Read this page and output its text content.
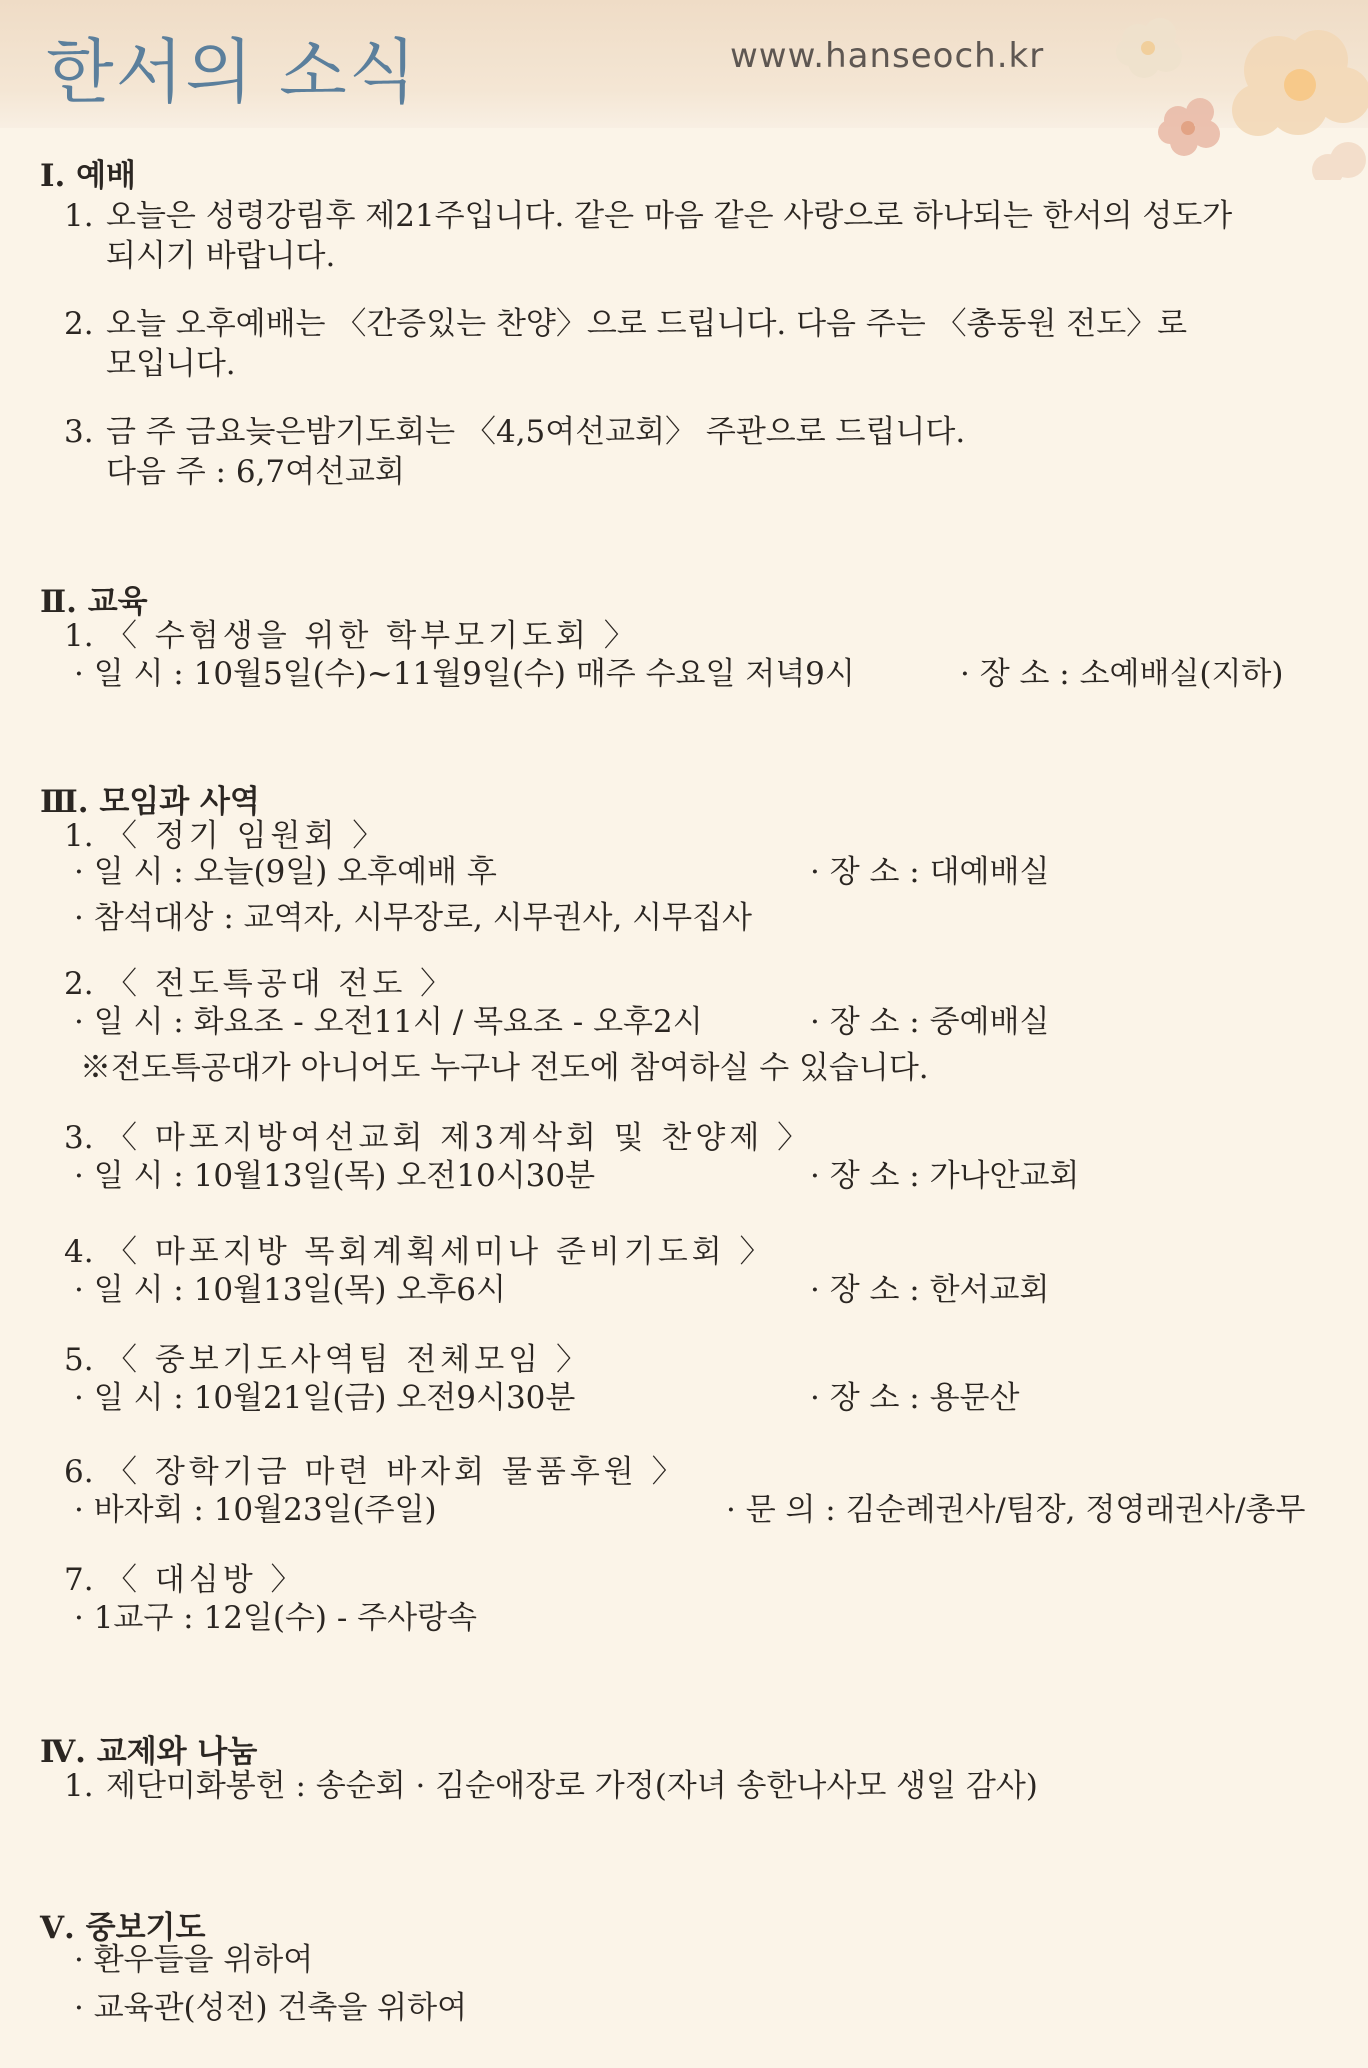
한서의 소식	www.hanseoch.kr
Ⅰ. 예배
1. 오늘은 성령강림후 제21주입니다. 같은 마음 같은 사랑으로 하나되는 한서의 성도가
되시기 바랍니다.
2. 오늘 오후예배는 〈간증있는 찬양〉으로 드립니다. 다음 주는 〈총동원 전도〉로
모입니다.
3. 금 주 금요늦은밤기도회는 〈4,5여선교회〉 주관으로 드립니다.
다음 주 : 6,7여선교회
Ⅱ. 교육
1. 〈 수험생을 위한 학부모기도회 〉
· 일 시 : 10월5일(수)~11월9일(수) 매주 수요일 저녁9시	· 장 소 : 소예배실(지하)
Ⅲ. 모임과 사역
1. 〈 정기 임원회 〉
· 일 시 : 오늘(9일) 오후예배 후	· 장 소 : 대예배실
· 참석대상 : 교역자, 시무장로, 시무권사, 시무집사
2. 〈 전도특공대 전도 〉
· 일 시 : 화요조 - 오전11시 / 목요조 - 오후2시	· 장 소 : 중예배실
※전도특공대가 아니어도 누구나 전도에 참여하실 수 있습니다.
3. 〈 마포지방여선교회 제3계삭회 및 찬양제 〉
· 일 시 : 10월13일(목) 오전10시30분	· 장 소 : 가나안교회
4. 〈 마포지방 목회계획세미나 준비기도회 〉
· 일 시 : 10월13일(목) 오후6시	· 장 소 : 한서교회
5. 〈 중보기도사역팀 전체모임 〉
· 일 시 : 10월21일(금) 오전9시30분	· 장 소 : 용문산
6. 〈 장학기금 마련 바자회 물품후원 〉
· 바자회 : 10월23일(주일)	· 문 의 : 김순례권사/팀장, 정영래권사/총무
7. 〈 대심방 〉
· 1교구 : 12일(수) - 주사랑속
Ⅳ. 교제와 나눔
1. 제단미화봉헌 : 송순회 · 김순애장로 가정(자녀 송한나사모 생일 감사)
Ⅴ. 중보기도
· 환우들을 위하여
· 교육관(성전) 건축을 위하여
